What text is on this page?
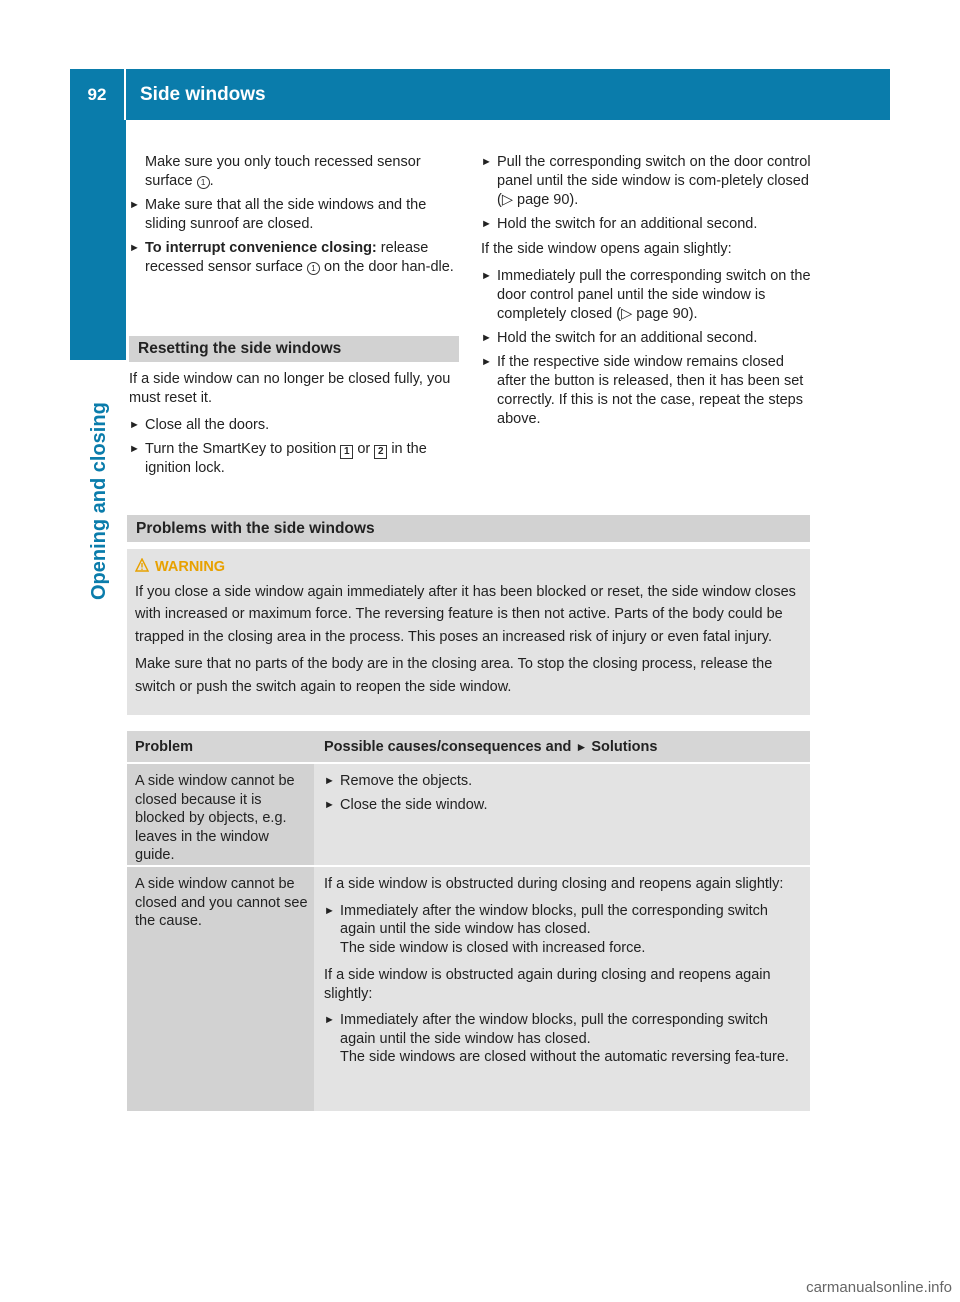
92	Side windows
Opening and closing

Make sure you only touch recessed sensor surface 1 .

► Make sure that all the side windows and the sliding sunroof are closed.
► To interrupt convenience closing: release recessed sensor surface 1 on the door han-dle.
Resetting the side windows

If a side window can no longer be closed fully, you must reset it.

► Close all the doors.
► Turn the SmartKey to position 1 or 2 in the ignition lock.
► Pull the corresponding switch on the door control panel until the side window is com-pletely closed (▷ page 90).
► Hold the switch for an additional second.

If the side window opens again slightly:

► Immediately pull the corresponding switch on the door control panel until the side window is completely closed (▷ page 90).
► Hold the switch for an additional second.
► If the respective side window remains closed after the button is released, then it has been set correctly. If this is not the case, repeat the steps above.
Problems with the side windows
WARNING

If you close a side window again immediately after it has been blocked or reset, the side window closes with increased or maximum force. The reversing feature is then not active. Parts of the body could be trapped in the closing area in the process. This poses an increased risk of injury or even fatal injury.

Make sure that no parts of the body are in the closing area. To stop the closing process, release the switch or push the switch again to reopen the side window.

Problem	Possible causes/consequences and ► Solutions
A side window cannot be closed because it is blocked by objects, e.g. leaves in the window guide.
► Remove the objects.
► Close the side window.
A side window cannot be closed and you cannot see the cause.

If a side window is obstructed during closing and reopens again slightly:

► Immediately after the window blocks, pull the corresponding switch again until the side window has closed.
The side window is closed with increased force.

If a side window is obstructed again during closing and reopens again slightly:

► Immediately after the window blocks, pull the corresponding switch again until the side window has closed.
The side windows are closed without the automatic reversing fea-ture.
carmanualsonline.info
